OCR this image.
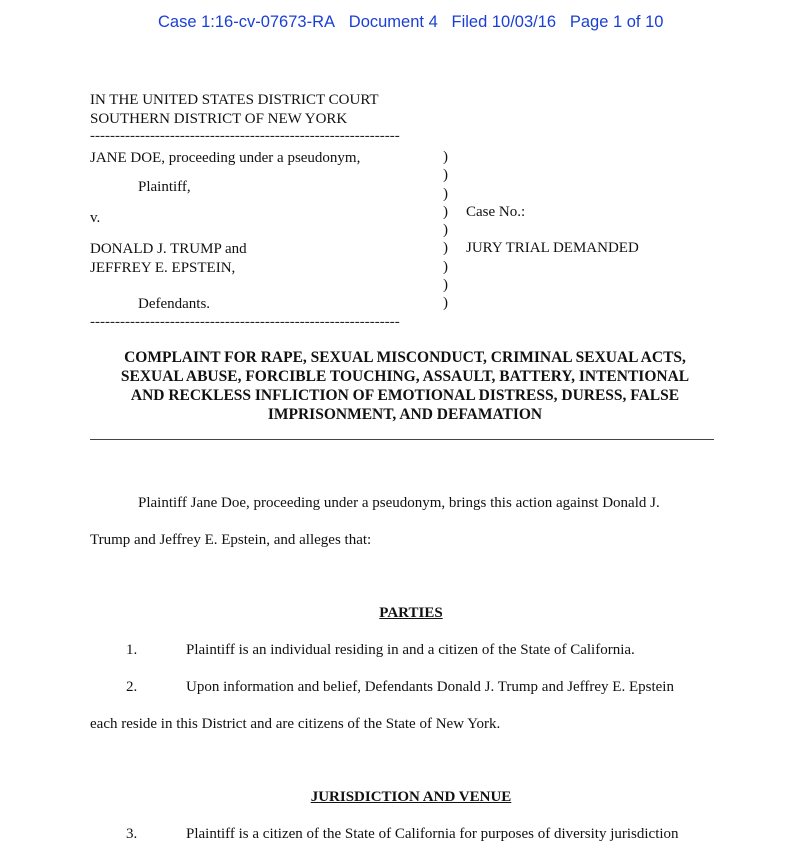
Case 1:16-cv-07673-RA Document 4 Filed 10/03/16 Page 1 of 10
IN THE UNITED STATES DISTRICT COURT
SOUTHERN DISTRICT OF NEW YORK
--------------------------------------------------------------
--------------------------------------------------------------
JANE DOE, proceeding under a pseudonym,
Plaintiff,
v.
DONALD J. TRUMP and
JEFFREY E. EPSTEIN,
Defendants.
)
)
)
)
)
)
)
)
)
Case No.:
JURY TRIAL DEMANDED
COMPLAINT FOR RAPE, SEXUAL MISCONDUCT, CRIMINAL SEXUAL ACTS,
SEXUAL ABUSE, FORCIBLE TOUCHING, ASSAULT, BATTERY, INTENTIONAL
AND RECKLESS INFLICTION OF EMOTIONAL DISTRESS, DURESS, FALSE
IMPRISONMENT, AND DEFAMATION
Plaintiff Jane Doe, proceeding under a pseudonym, brings this action against Donald J.
Trump and Jeffrey E. Epstein, and alleges that:
PARTIES
1.	Plaintiff is an individual residing in and a citizen of the State of California.
2.	Upon information and belief, Defendants Donald J. Trump and Jeffrey E. Epstein
each reside in this District and are citizens of the State of New York.
JURISDICTION AND VENUE
3.	Plaintiff is a citizen of the State of California for purposes of diversity jurisdiction
